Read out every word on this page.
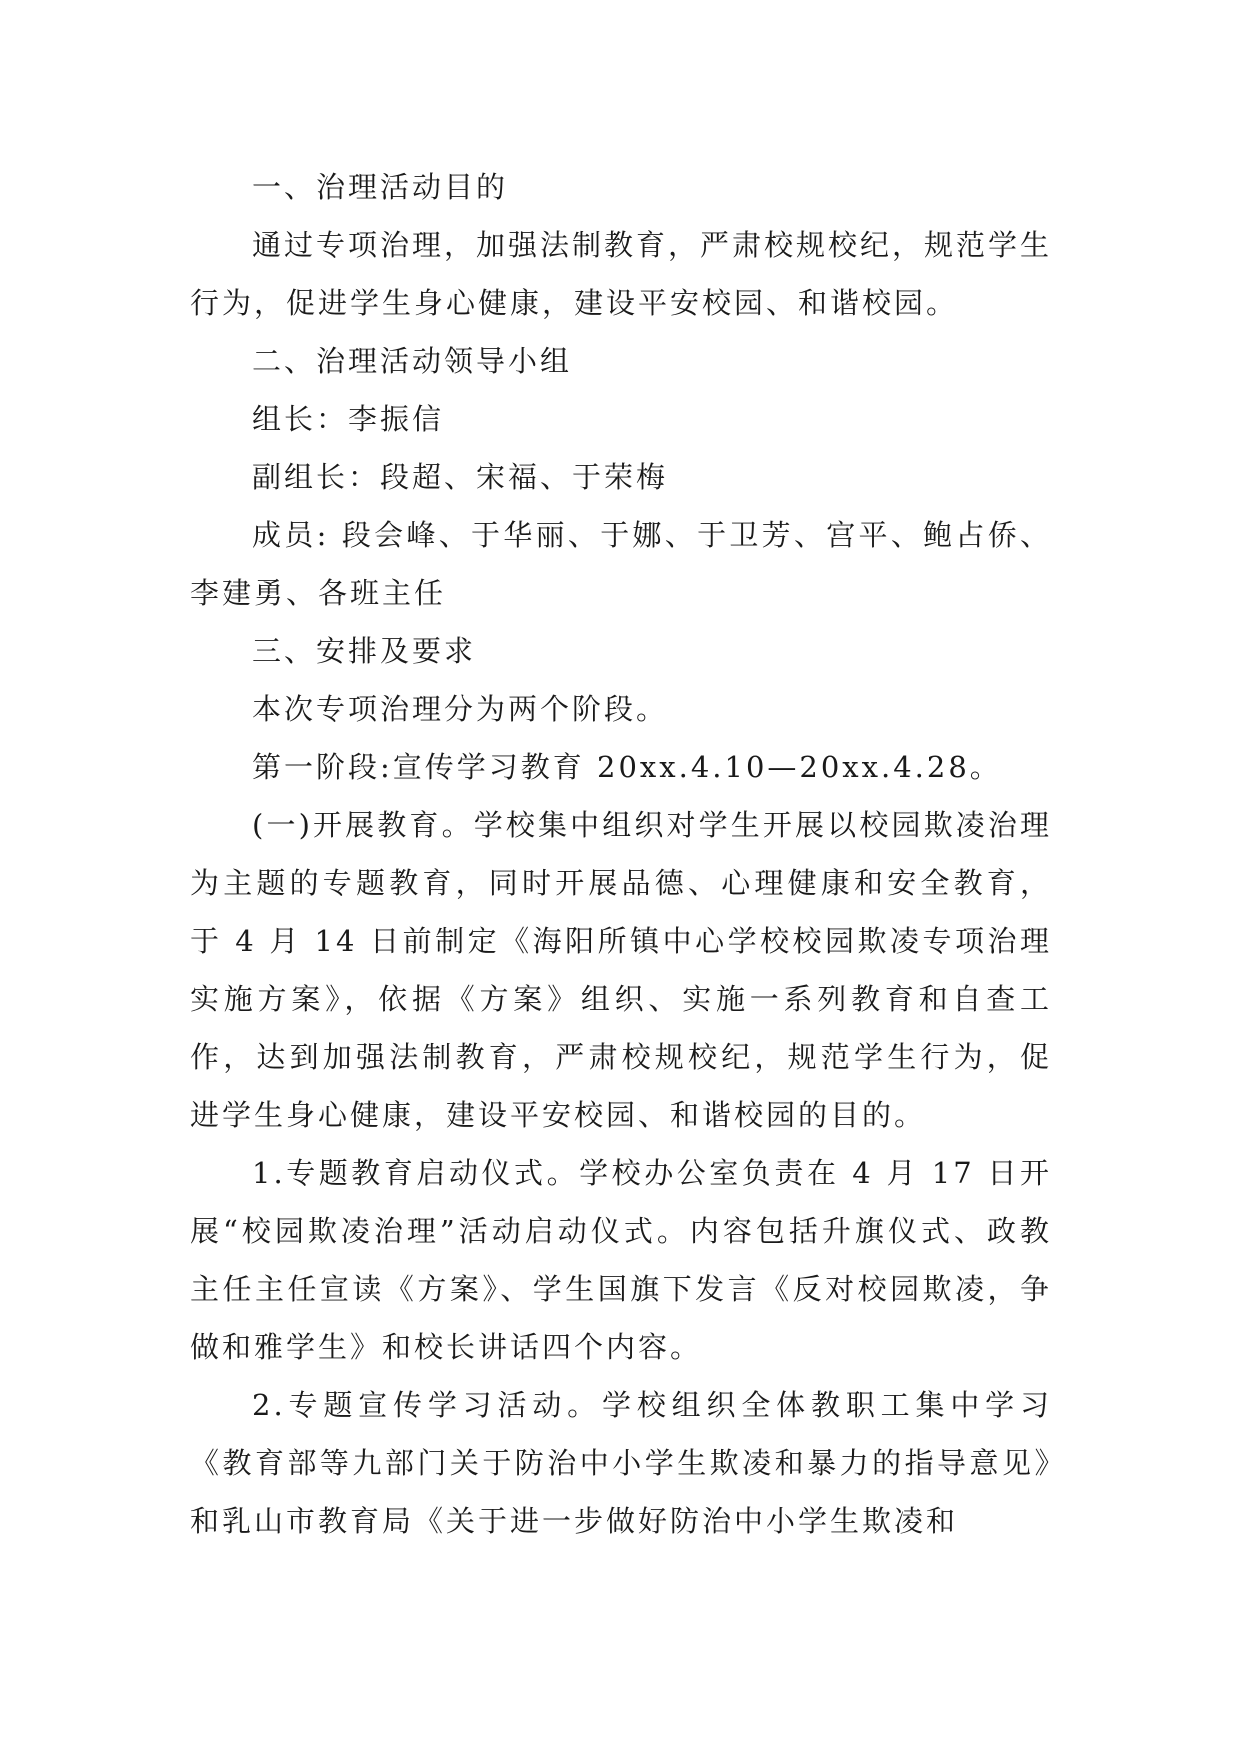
一、治理活动目的

通过专项治理，加强法制教育，严肃校规校纪，规范学生行为，促进学生身心健康，建设平安校园、和谐校园。

二、治理活动领导小组

组长：李振信

副组长：段超、宋福、于荣梅

成员: 段会峰、于华丽、于娜、于卫芳、宫平、鲍占侨、李建勇、各班主任

三、安排及要求

本次专项治理分为两个阶段。

第一阶段:宣传学习教育 20xx.4.10—20xx.4.28。

(一)开展教育。学校集中组织对学生开展以校园欺凌治理为主题的专题教育，同时开展品德、心理健康和安全教育，于 4 月 14 日前制定《海阳所镇中心学校校园欺凌专项治理实施方案》，依据《方案》组织、实施一系列教育和自查工作，达到加强法制教育，严肃校规校纪，规范学生行为，促进学生身心健康，建设平安校园、和谐校园的目的。

1.专题教育启动仪式。学校办公室负责在 4 月 17 日开展“校园欺凌治理”活动启动仪式。内容包括升旗仪式、政教主任主任宣读《方案》、学生国旗下发言《反对校园欺凌，争做和雅学生》和校长讲话四个内容。

2.专题宣传学习活动。学校组织全体教职工集中学习《教育部等九部门关于防治中小学生欺凌和暴力的指导意见》和乳山市教育局《关于进一步做好防治中小学生欺凌和
